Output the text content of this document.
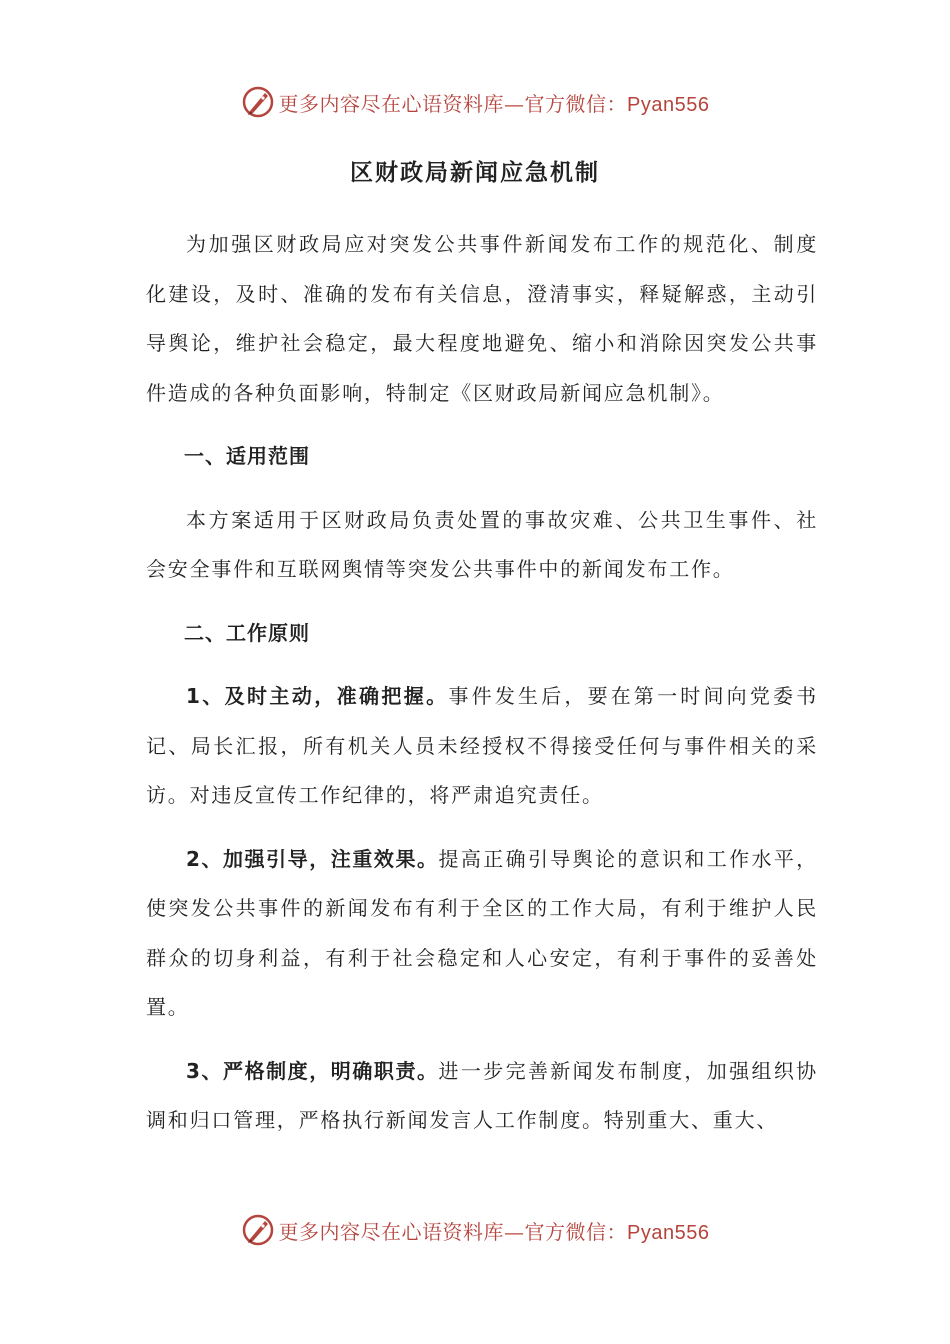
更多内容尽在心语资料库—官方微信：Pyan556
区财政局新闻应急机制

为加强区财政局应对突发公共事件新闻发布工作的规范化、制度化建设，及时、准确的发布有关信息，澄清事实，释疑解惑，主动引导舆论，维护社会稳定，最大程度地避免、缩小和消除因突发公共事件造成的各种负面影响，特制定《区财政局新闻应急机制》。

一、适用范围

本方案适用于区财政局负责处置的事故灾难、公共卫生事件、社会安全事件和互联网舆情等突发公共事件中的新闻发布工作。

二、工作原则

1、及时主动，准确把握。事件发生后，要在第一时间向党委书记、局长汇报，所有机关人员未经授权不得接受任何与事件相关的采访。对违反宣传工作纪律的，将严肃追究责任。

2、加强引导，注重效果。提高正确引导舆论的意识和工作水平，使突发公共事件的新闻发布有利于全区的工作大局，有利于维护人民群众的切身利益，有利于社会稳定和人心安定，有利于事件的妥善处置。

3、严格制度，明确职责。进一步完善新闻发布制度，加强组织协调和归口管理，严格执行新闻发言人工作制度。特别重大、重大、

更多内容尽在心语资料库—官方微信：Pyan556
